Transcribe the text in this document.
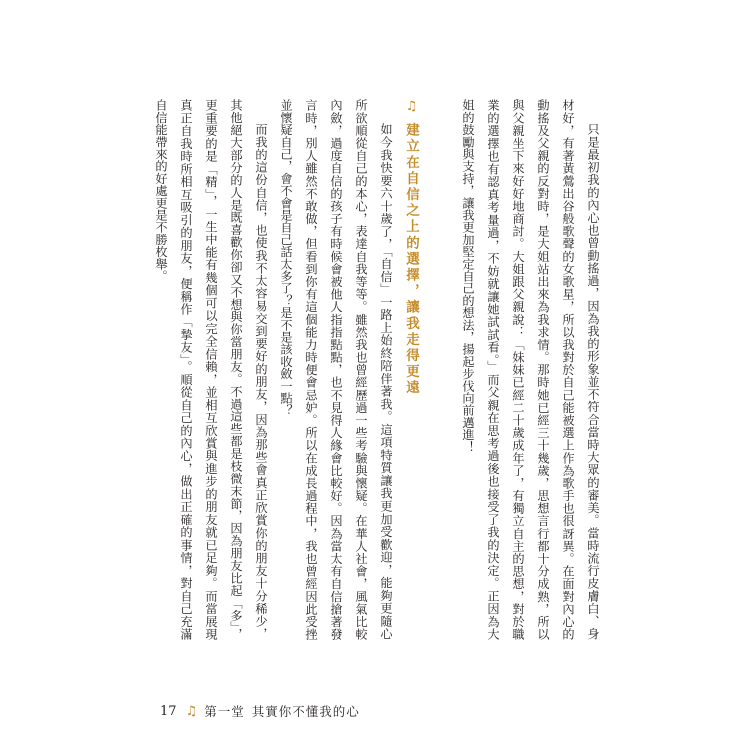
只是最初我的內心也曾動搖過，因為我的形象並不符合當時大眾的審美。當時流行皮膚白、身
材好，有著黃鶯出谷般歌聲的女歌星，所以我對於自己能被選上作為歌手也很訝異。在面對內心的
動搖及父親的反對時，是大姐站出來為我求情。那時她已經三十幾歲，思想言行都十分成熟，所以
與父親坐下來好好地商討。大姐跟父親說：「妹妹已經二十歲成年了，有獨立自主的思想，對於職
業的選擇也有認真考量過，不妨就讓她試試看。」而父親在思考過後也接受了我的決定。正因為大
姐的鼓勵與支持，讓我更加堅定自己的想法，揚起步伐向前邁進！
♫ 建立在自信之上的選擇，讓我走得更遠
如今我快要六十歲了，「自信」一路上始終陪伴著我。這項特質讓我更加受歡迎，能夠更隨心
所欲順從自己的本心，表達自我等等。雖然我也曾經歷過一些考驗與懷疑。在華人社會，風氣比較
內斂，過度自信的孩子有時候會被他人指指點點，也不見得人緣會比較好。因為當太有自信搶著發
言時，別人雖然不敢做，但看到你有這個能力時便會忌妒。所以在成長過程中，我也曾經因此受挫
並懷疑自己，會不會是自己話太多了？是不是該收斂一點？
而我的這份自信，也使我不太容易交到要好的朋友，因為那些會真正欣賞你的朋友十分稀少，
其他絕大部分的人是既喜歡你卻又不想與你當朋友。不過這些都是枝微末節，因為朋友比起「多」，
更重要的是「精」，一生中能有幾個可以完全信賴，並相互欣賞與進步的朋友就已足夠。而當展現
真正自我時所相互吸引的朋友，便稱作「摯友」。順從自己的內心，做出正確的事情，對自己充滿
自信能帶來的好處更是不勝枚舉。
17
♫ 第一堂 其實你不懂我的心
